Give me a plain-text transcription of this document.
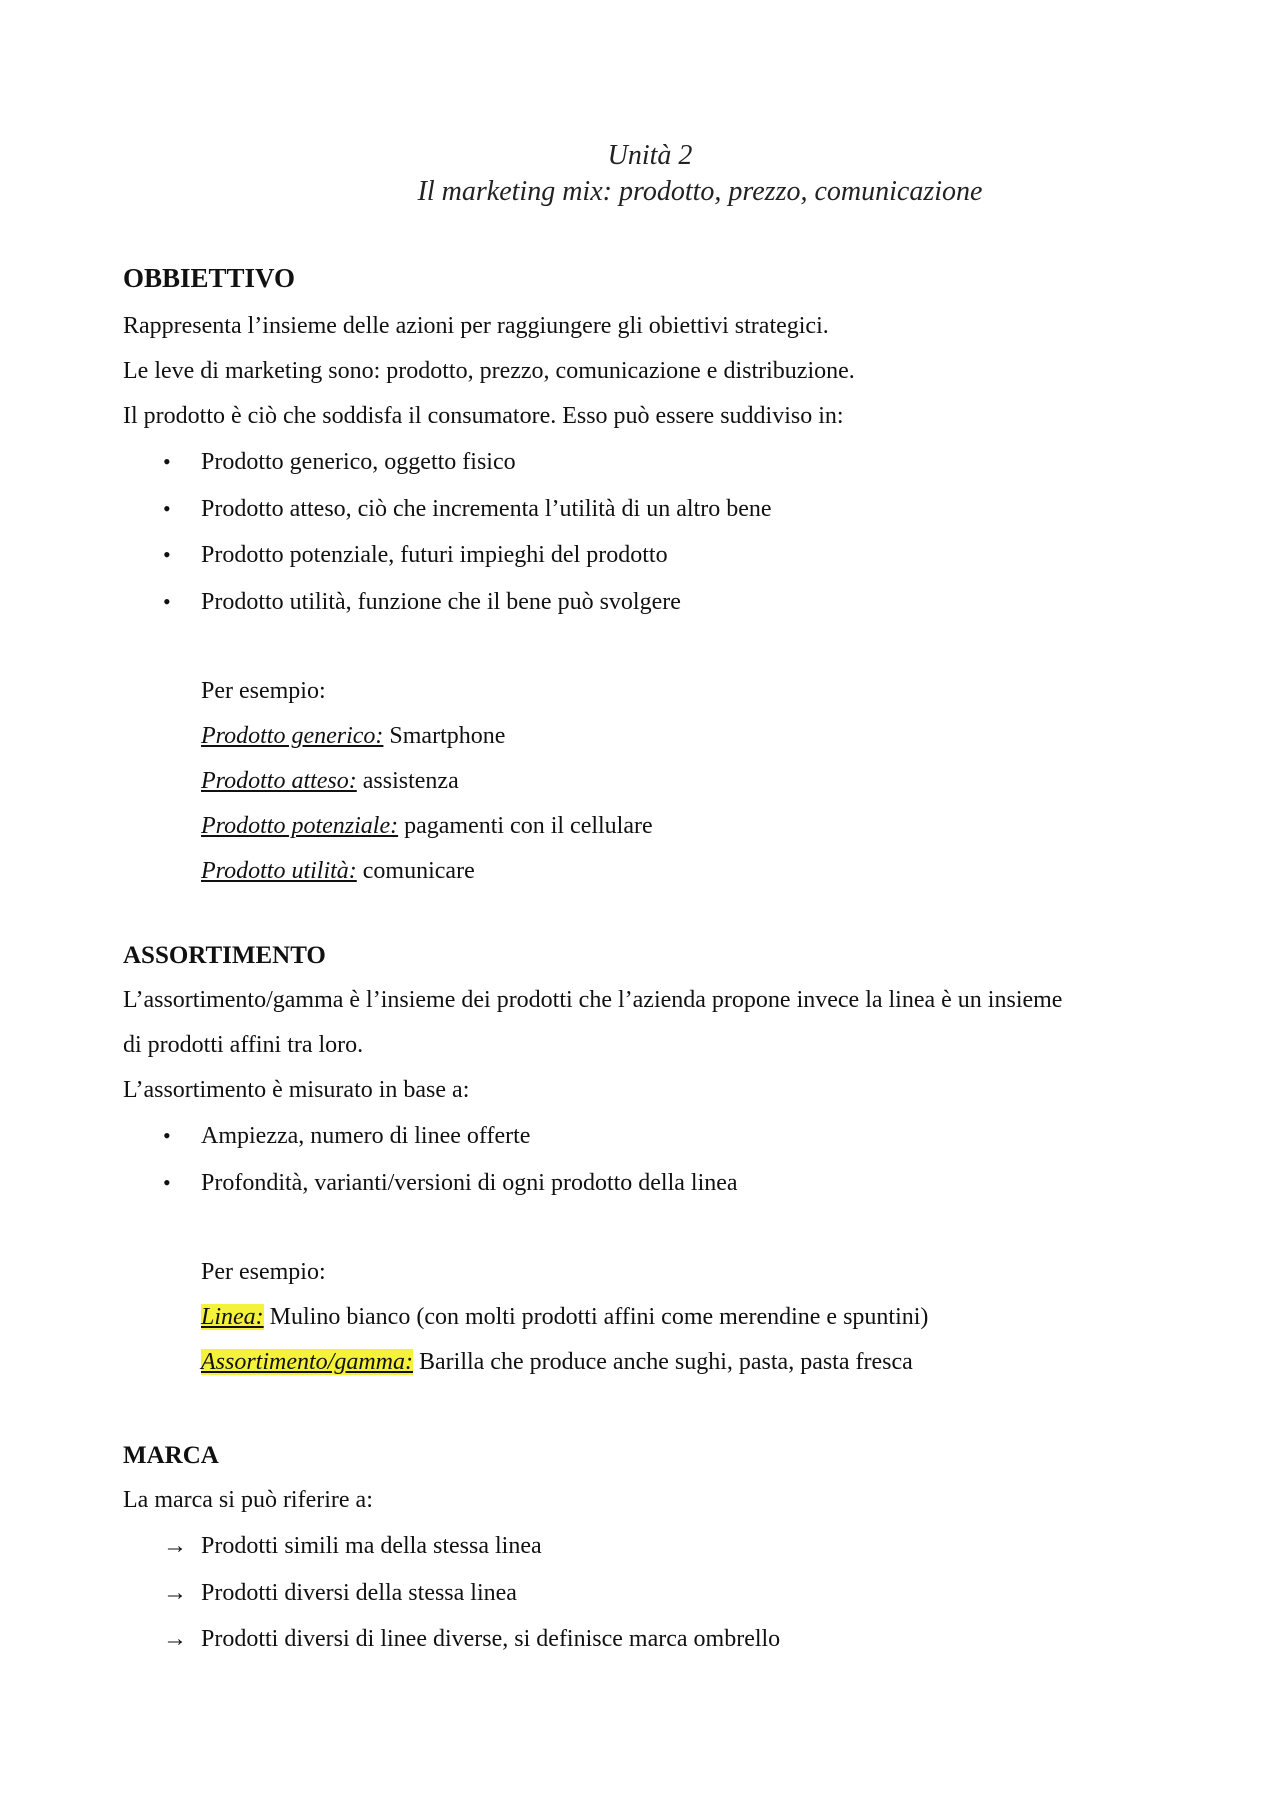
Unità 2
Il marketing mix: prodotto, prezzo, comunicazione
OBBIETTIVO

Rappresenta l’insieme delle azioni per raggiungere gli obiettivi strategici.

Le leve di marketing sono: prodotto, prezzo, comunicazione e distribuzione.

Il prodotto è ciò che soddisfa il consumatore. Esso può essere suddiviso in:

• Prodotto generico, oggetto fisico
• Prodotto atteso, ciò che incrementa l’utilità di un altro bene
• Prodotto potenziale, futuri impieghi del prodotto
• Prodotto utilità, funzione che il bene può svolgere
Per esempio:
Prodotto generico: Smartphone
Prodotto atteso: assistenza
Prodotto potenziale: pagamenti con il cellulare
Prodotto utilità: comunicare
ASSORTIMENTO

L’assortimento/gamma è l’insieme dei prodotti che l’azienda propone invece la linea è un insieme

di prodotti affini tra loro.

L’assortimento è misurato in base a:

• Ampiezza, numero di linee offerte
• Profondità, varianti/versioni di ogni prodotto della linea
Per esempio:
Linea: Mulino bianco (con molti prodotti affini come merendine e spuntini)
Assortimento/gamma: Barilla che produce anche sughi, pasta, pasta fresca
MARCA

La marca si può riferire a:

→ Prodotti simili ma della stessa linea
→ Prodotti diversi della stessa linea
→ Prodotti diversi di linee diverse, si definisce marca ombrello
